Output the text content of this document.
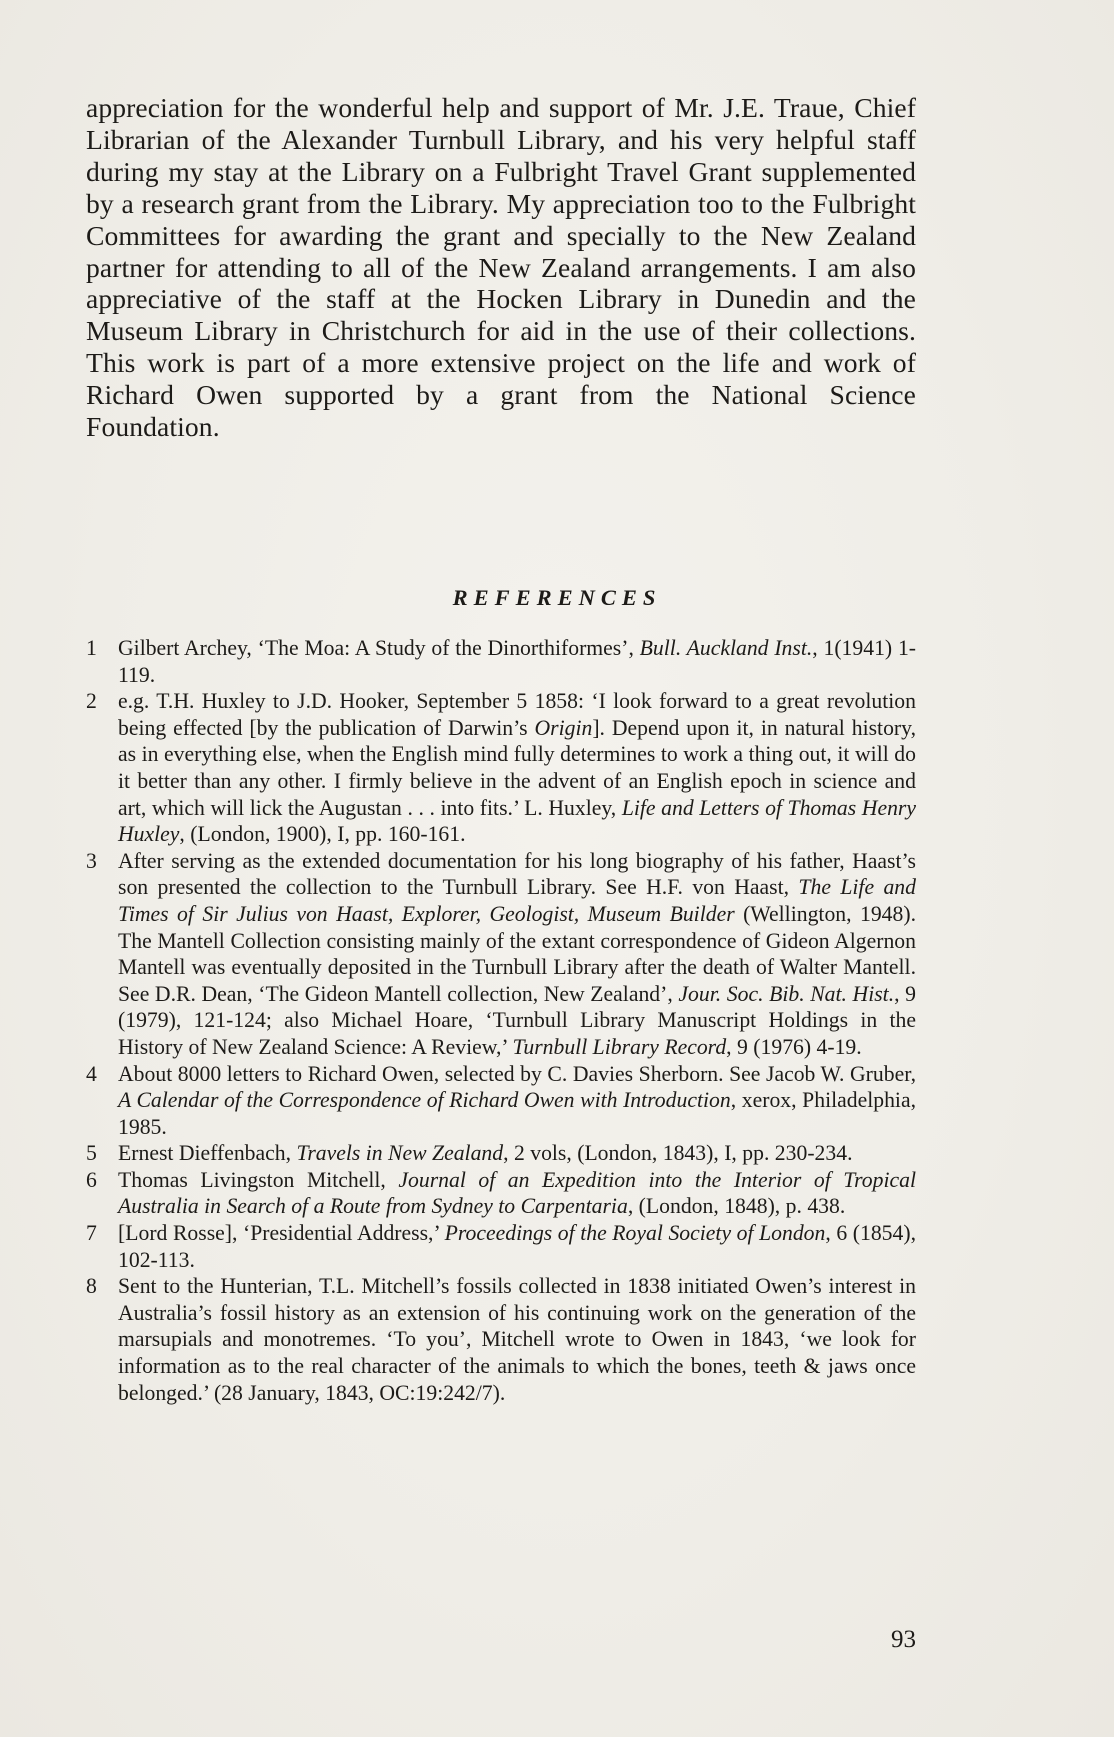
appreciation for the wonderful help and support of Mr. J.E. Traue, Chief Librarian of the Alexander Turnbull Library, and his very helpful staff during my stay at the Library on a Fulbright Travel Grant supplemented by a research grant from the Library. My appreciation too to the Fulbright Committees for awarding the grant and specially to the New Zealand partner for attending to all of the New Zealand arrangements. I am also appreciative of the staff at the Hocken Library in Dunedin and the Museum Library in Christchurch for aid in the use of their collections. This work is part of a more extensive project on the life and work of Richard Owen supported by a grant from the National Science Foundation.

REFERENCES
1 Gilbert Archey, ‘The Moa: A Study of the Dinorthiformes’, Bull. Auckland Inst., 1(1941) 1-119.
2 e.g. T.H. Huxley to J.D. Hooker, September 5 1858: ‘I look forward to a great revolution being effected [by the publication of Darwin’s Origin]. Depend upon it, in natural history, as in everything else, when the English mind fully determines to work a thing out, it will do it better than any other. I firmly believe in the advent of an English epoch in science and art, which will lick the Augustan . . . into fits.’ L. Huxley, Life and Letters of Thomas Henry Huxley, (London, 1900), I, pp. 160-161.
3 After serving as the extended documentation for his long biography of his father, Haast’s son presented the collection to the Turnbull Library. See H.F. von Haast, The Life and Times of Sir Julius von Haast, Explorer, Geologist, Museum Builder (Wellington, 1948). The Mantell Collection consisting mainly of the extant correspondence of Gideon Algernon Mantell was eventually deposited in the Turnbull Library after the death of Walter Mantell. See D.R. Dean, ‘The Gideon Mantell collection, New Zealand’, Jour. Soc. Bib. Nat. Hist., 9 (1979), 121-124; also Michael Hoare, ‘Turnbull Library Manuscript Holdings in the History of New Zealand Science: A Review,’ Turnbull Library Record, 9 (1976) 4-19.
4 About 8000 letters to Richard Owen, selected by C. Davies Sherborn. See Jacob W. Gruber, A Calendar of the Correspondence of Richard Owen with Introduction, xerox, Philadelphia, 1985.
5 Ernest Dieffenbach, Travels in New Zealand, 2 vols, (London, 1843), I, pp. 230-234.
6 Thomas Livingston Mitchell, Journal of an Expedition into the Interior of Tropical Australia in Search of a Route from Sydney to Carpentaria, (London, 1848), p. 438.
7 [Lord Rosse], ‘Presidential Address,’ Proceedings of the Royal Society of London, 6 (1854), 102-113.
8 Sent to the Hunterian, T.L. Mitchell’s fossils collected in 1838 initiated Owen’s interest in Australia’s fossil history as an extension of his continuing work on the generation of the marsupials and monotremes. ‘To you’, Mitchell wrote to Owen in 1843, ‘we look for information as to the real character of the animals to which the bones, teeth & jaws once belonged.’ (28 January, 1843, OC:19:242/7).

93
